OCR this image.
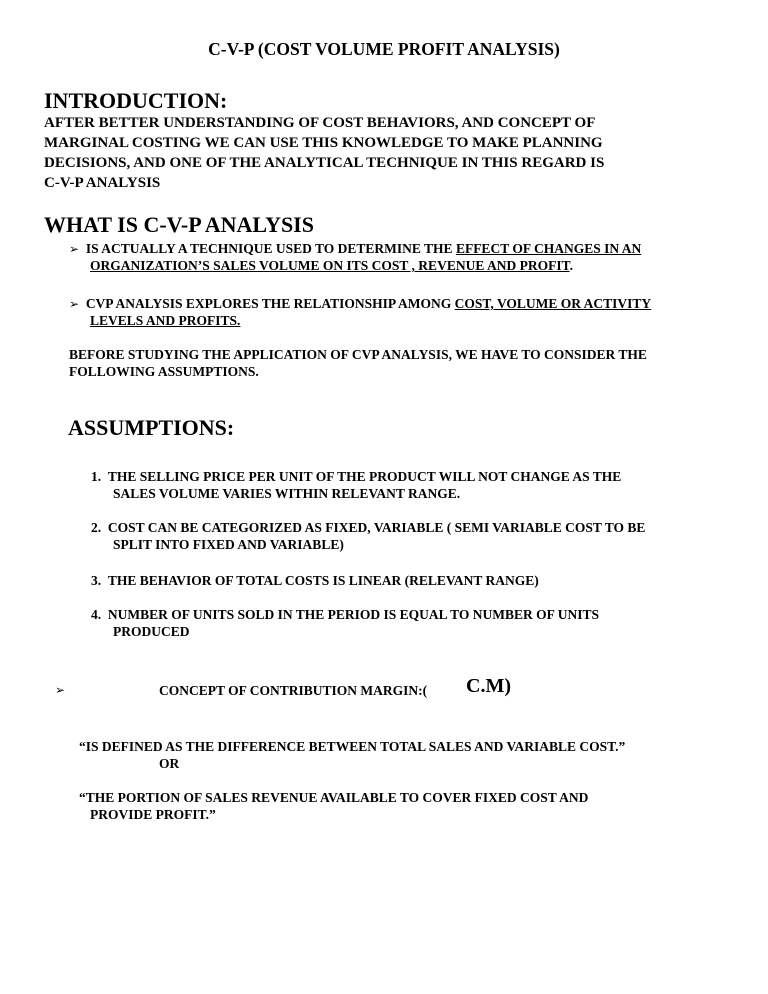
C-V-P (COST VOLUME PROFIT ANALYSIS)
INTRODUCTION:
AFTER BETTER UNDERSTANDING OF COST BEHAVIORS, AND CONCEPT OF
MARGINAL COSTING WE CAN USE THIS KNOWLEDGE TO MAKE PLANNING
DECISIONS, AND ONE OF THE ANALYTICAL TECHNIQUE IN THIS REGARD IS
C-V-P ANALYSIS
WHAT IS C-V-P ANALYSIS
➢ IS ACTUALLY A TECHNIQUE USED TO DETERMINE THE EFFECT OF CHANGES IN AN
ORGANIZATION’S SALES VOLUME ON ITS COST , REVENUE AND PROFIT.
➢ CVP ANALYSIS EXPLORES THE RELATIONSHIP AMONG COST, VOLUME OR ACTIVITY
LEVELS AND PROFITS.
BEFORE STUDYING THE APPLICATION OF CVP ANALYSIS, WE HAVE TO CONSIDER THE
FOLLOWING ASSUMPTIONS.
ASSUMPTIONS:
1. THE SELLING PRICE PER UNIT OF THE PRODUCT WILL NOT CHANGE AS THE
SALES VOLUME VARIES WITHIN RELEVANT RANGE.
2. COST CAN BE CATEGORIZED AS FIXED, VARIABLE ( SEMI VARIABLE COST TO BE
SPLIT INTO FIXED AND VARIABLE)
3. THE BEHAVIOR OF TOTAL COSTS IS LINEAR (RELEVANT RANGE)
4. NUMBER OF UNITS SOLD IN THE PERIOD IS EQUAL TO NUMBER OF UNITS
PRODUCED
➢	CONCEPT OF CONTRIBUTION MARGIN:( C.M)
“IS DEFINED AS THE DIFFERENCE BETWEEN TOTAL SALES AND VARIABLE COST.”
OR
“THE PORTION OF SALES REVENUE AVAILABLE TO COVER FIXED COST AND
PROVIDE PROFIT.”
